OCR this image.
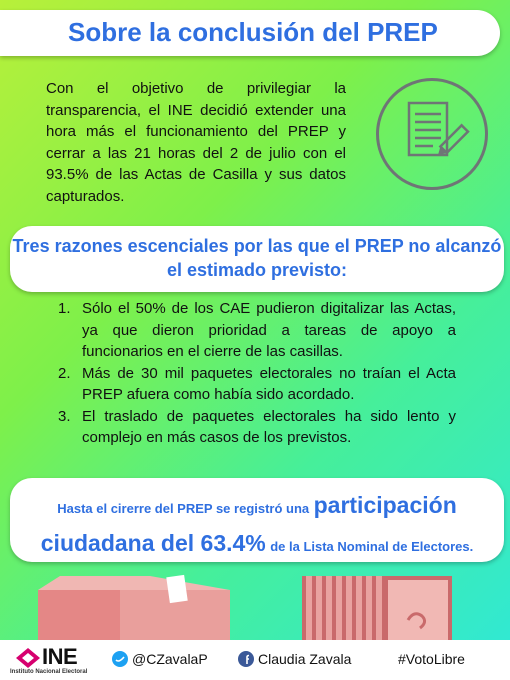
Sobre la conclusión del PREP
Con el objetivo de privilegiar la transparencia, el INE decidió extender una hora más el funcionamiento del PREP y cerrar a las 21 horas del 2 de julio con el 93.5% de las Actas de Casilla y sus datos capturados.
Tres razones escenciales por las que el PREP no alcanzó el estimado previsto:
1. Sólo el 50% de los CAE pudieron digitalizar las Actas, ya que dieron prioridad a tareas de apoyo a funcionarios en el cierre de las casillas.
2. Más de 30 mil paquetes electorales no traían el Acta PREP afuera como había sido acordado.
3. El traslado de paquetes electorales ha sido lento y complejo en más casos de los previstos.
Hasta el cirerre del PREP se registró una participación
ciudadana del 63.4% de la Lista Nominal de Electores.
INE
Instituto Nacional Electoral
@CZavalaP	Claudia Zavala	#VotoLibre
